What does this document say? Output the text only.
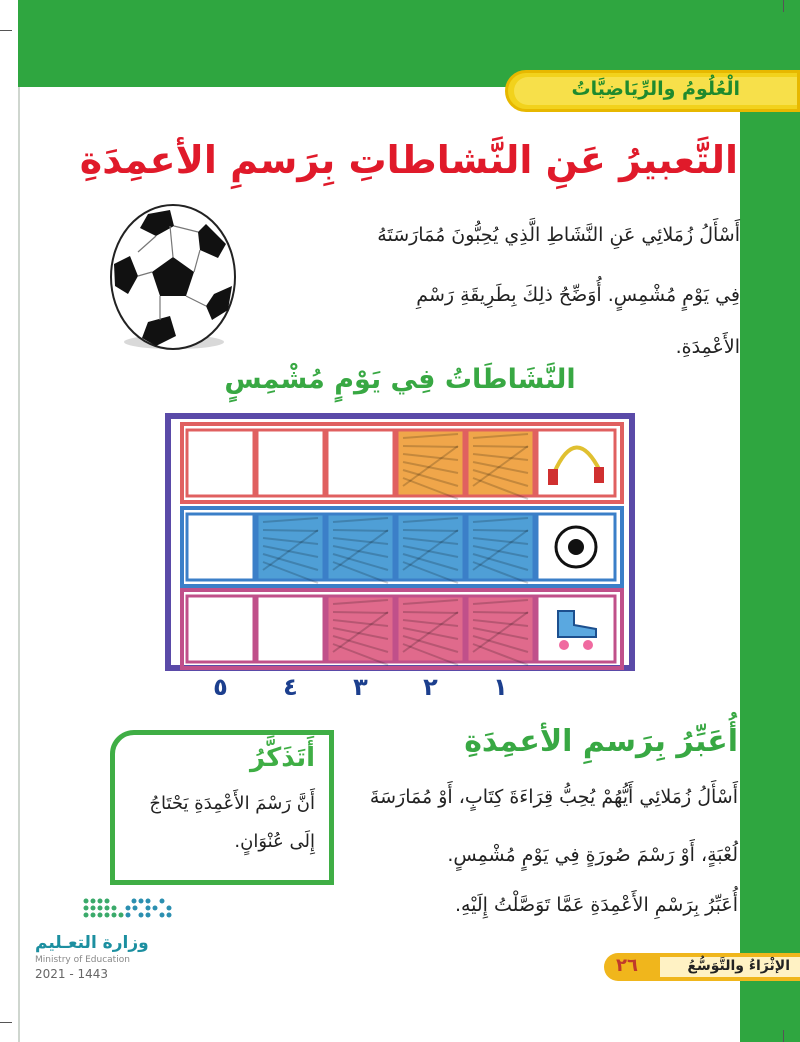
الْعُلُومُ والرِّيَاضِيَّاتُ
التَّعبيرُ عَنِ النَّشاطاتِ بِرَسمِ الأعمِدَةِ
أَسْأَلُ زُمَلائِي عَنِ النَّشَاطِ الَّذِي يُحِبُّونَ مُمَارَسَتَهُ
فِي يَوْمٍ مُشْمِسٍ. أُوَضِّحُ ذلِكَ بِطَرِيقَةِ رَسْمِ
الأَعْمِدَةِ.
النَّشَاطَاتُ فِي يَوْمٍ مُشْمِسٍ
١
٢
٣
٤
٥
أُعَبِّرُ بِرَسمِ الأعمِدَةِ
أَسْأَلُ زُمَلائِي أَيُّهُمْ يُحِبُّ قِرَاءَةَ كِتَابٍ، أَوْ مُمَارَسَةَ
لُعْبَةٍ، أَوْ رَسْمَ صُورَةٍ فِي يَوْمٍ مُشْمِسٍ.
أُعَبِّرُ بِرَسْمِ الأَعْمِدَةِ عَمَّا تَوَصَّلْتُ إِلَيْهِ.
أَتَذَكَّرُ
أَنَّ رَسْمَ الأَعْمِدَةِ يَحْتَاجُ
إِلَى عُنْوَانٍ.
وزارة التعـليم
Ministry of Education
2021 - 1443	الإثْرَاءُ والتَّوَسُّعُ
٢٦
